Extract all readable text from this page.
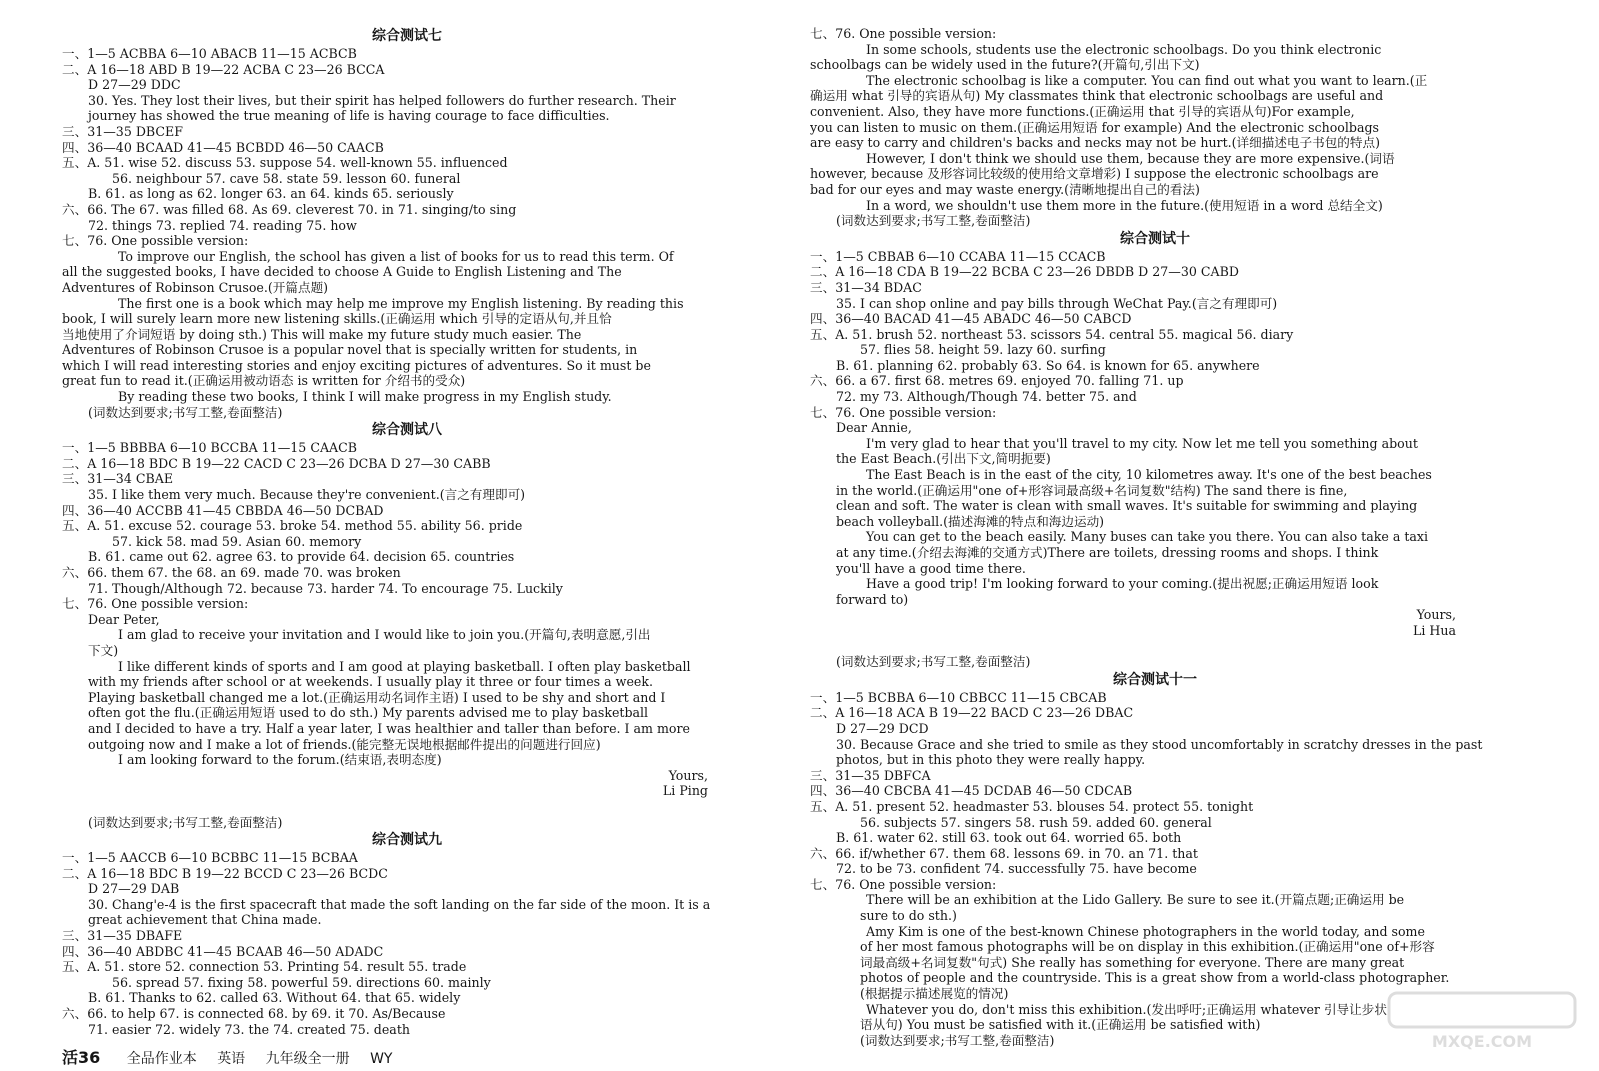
综合测试七
一、1—5 ACBBA 6—10 ABACB 11—15 ACBCB
二、A 16—18 ABD B 19—22 ACBA C 23—26 BCCA
D 27—29 DDC
30. Yes. They lost their lives, but their spirit has helped followers do further research. Their
journey has showed the true meaning of life is having courage to face difficulties.
三、31—35 DBCEF
四、36—40 BCAAD 41—45 BCBDD 46—50 CAACB
五、A. 51. wise 52. discuss 53. suppose 54. well-known 55. influenced
56. neighbour 57. cave 58. state 59. lesson 60. funeral
B. 61. as long as 62. longer 63. an 64. kinds 65. seriously
六、66. The 67. was filled 68. As 69. cleverest 70. in 71. singing/to sing
72. things 73. replied 74. reading 75. how
七、76. One possible version:
To improve our English, the school has given a list of books for us to read this term. Of
all the suggested books, I have decided to choose A Guide to English Listening and The
Adventures of Robinson Crusoe.(开篇点题)
The first one is a book which may help me improve my English listening. By reading this
book, I will surely learn more new listening skills.(正确运用 which 引导的定语从句,并且恰
当地使用了介词短语 by doing sth.) This will make my future study much easier. The
Adventures of Robinson Crusoe is a popular novel that is specially written for students, in
which I will read interesting stories and enjoy exciting pictures of adventures. So it must be
great fun to read it.(正确运用被动语态 is written for 介绍书的受众)
By reading these two books, I think I will make progress in my English study.
(词数达到要求;书写工整,卷面整洁)
综合测试八
一、1—5 BBBBA 6—10 BCCBA 11—15 CAACB
二、A 16—18 BDC B 19—22 CACD C 23—26 DCBA D 27—30 CABB
三、31—34 CBAE
35. I like them very much. Because they're convenient.(言之有理即可)
四、36—40 ACCBB 41—45 CBBDA 46—50 DCBAD
五、A. 51. excuse 52. courage 53. broke 54. method 55. ability 56. pride
57. kick 58. mad 59. Asian 60. memory
B. 61. came out 62. agree 63. to provide 64. decision 65. countries
六、66. them 67. the 68. an 69. made 70. was broken
71. Though/Although 72. because 73. harder 74. To encourage 75. Luckily
七、76. One possible version:
Dear Peter,
I am glad to receive your invitation and I would like to join you.(开篇句,表明意愿,引出
下文)
I like different kinds of sports and I am good at playing basketball. I often play basketball
with my friends after school or at weekends. I usually play it three or four times a week.
Playing basketball changed me a lot.(正确运用动名词作主语) I used to be shy and short and I
often got the flu.(正确运用短语 used to do sth.) My parents advised me to play basketball
and I decided to have a try. Half a year later, I was healthier and taller than before. I am more
outgoing now and I make a lot of friends.(能完整无误地根据邮件提出的问题进行回应)
I am looking forward to the forum.(结束语,表明态度)
Yours,
Li Ping
(词数达到要求;书写工整,卷面整洁)
综合测试九
一、1—5 AACCB 6—10 BCBBC 11—15 BCBAA
二、A 16—18 BDC B 19—22 BCCD C 23—26 BCDC
D 27—29 DAB
30. Chang'e-4 is the first spacecraft that made the soft landing on the far side of the moon. It is a
great achievement that China made.
三、31—35 DBAFE
四、36—40 ABDBC 41—45 BCAAB 46—50 ADADC
五、A. 51. store 52. connection 53. Printing 54. result 55. trade
56. spread 57. fixing 58. powerful 59. directions 60. mainly
B. 61. Thanks to 62. called 63. Without 64. that 65. widely
六、66. to help 67. is connected 68. by 69. it 70. As/Because
71. easier 72. widely 73. the 74. created 75. death
七、76. One possible version:
In some schools, students use the electronic schoolbags. Do you think electronic
schoolbags can be widely used in the future?(开篇句,引出下文)
The electronic schoolbag is like a computer. You can find out what you want to learn.(正
确运用 what 引导的宾语从句) My classmates think that electronic schoolbags are useful and
convenient. Also, they have more functions.(正确运用 that 引导的宾语从句)For example,
you can listen to music on them.(正确运用短语 for example) And the electronic schoolbags
are easy to carry and children's backs and necks may not be hurt.(详细描述电子书包的特点)
However, I don't think we should use them, because they are more expensive.(词语
however, because 及形容词比较级的使用给文章增彩) I suppose the electronic schoolbags are
bad for our eyes and may waste energy.(清晰地提出自己的看法)
In a word, we shouldn't use them more in the future.(使用短语 in a word 总结全文)
(词数达到要求;书写工整,卷面整洁)
综合测试十
一、1—5 CBBAB 6—10 CCABA 11—15 CCACB
二、A 16—18 CDA B 19—22 BCBA C 23—26 DBDB D 27—30 CABD
三、31—34 BDAC
35. I can shop online and pay bills through WeChat Pay.(言之有理即可)
四、36—40 BACAD 41—45 ABADC 46—50 CABCD
五、A. 51. brush 52. northeast 53. scissors 54. central 55. magical 56. diary
57. flies 58. height 59. lazy 60. surfing
B. 61. planning 62. probably 63. So 64. is known for 65. anywhere
六、66. a 67. first 68. metres 69. enjoyed 70. falling 71. up
72. my 73. Although/Though 74. better 75. and
七、76. One possible version:
Dear Annie,
I'm very glad to hear that you'll travel to my city. Now let me tell you something about
the East Beach.(引出下文,简明扼要)
The East Beach is in the east of the city, 10 kilometres away. It's one of the best beaches
in the world.(正确运用"one of+形容词最高级+名词复数"结构) The sand there is fine,
clean and soft. The water is clean with small waves. It's suitable for swimming and playing
beach volleyball.(描述海滩的特点和海边运动)
You can get to the beach easily. Many buses can take you there. You can also take a taxi
at any time.(介绍去海滩的交通方式)There are toilets, dressing rooms and shops. I think
you'll have a good time there.
Have a good trip! I'm looking forward to your coming.(提出祝愿;正确运用短语 look
forward to)
Yours,
Li Hua
(词数达到要求;书写工整,卷面整洁)
综合测试十一
一、1—5 BCBBA 6—10 CBBCC 11—15 CBCAB
二、A 16—18 ACA B 19—22 BACD C 23—26 DBAC
D 27—29 DCD
30. Because Grace and she tried to smile as they stood uncomfortably in scratchy dresses in the past
photos, but in this photo they were really happy.
三、31—35 DBFCA
四、36—40 CBCBA 41—45 DCDAB 46—50 CDCAB
五、A. 51. present 52. headmaster 53. blouses 54. protect 55. tonight
56. subjects 57. singers 58. rush 59. added 60. general
B. 61. water 62. still 63. took out 64. worried 65. both
六、66. if/whether 67. them 68. lessons 69. in 70. an 71. that
72. to be 73. confident 74. successfully 75. have become
七、76. One possible version:
There will be an exhibition at the Lido Gallery. Be sure to see it.(开篇点题;正确运用 be
sure to do sth.)
Amy Kim is one of the best-known Chinese photographers in the world today, and some
of her most famous photographs will be on display in this exhibition.(正确运用"one of+形容
词最高级+名词复数"句式) She really has something for everyone. There are many great
photos of people and the countryside. This is a great show from a world-class photographer.
(根据提示描述展览的情况)
Whatever you do, don't miss this exhibition.(发出呼吁;正确运用 whatever 引导让步状
语从句) You must be satisfied with it.(正确运用 be satisfied with)
(词数达到要求;书写工整,卷面整洁)
活36 全品作业本 英语 九年级全一册 WY
MXQE.COM
